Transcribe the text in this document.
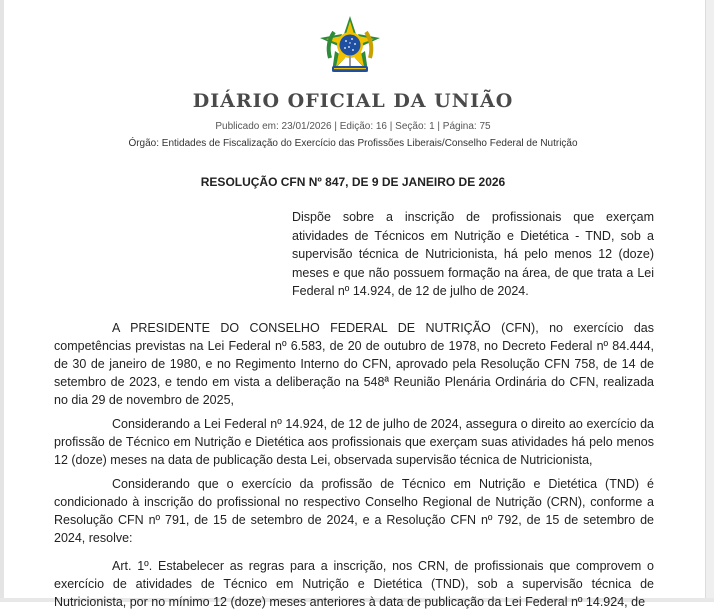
DIÁRIO OFICIAL DA UNIÃO
Publicado em: 23/01/2026 | Edição: 16 | Seção: 1 | Página: 75
Órgão: Entidades de Fiscalização do Exercício das Profissões Liberais/Conselho Federal de Nutrição
RESOLUÇÃO CFN Nº 847, DE 9 DE JANEIRO DE 2026
Dispõe sobre a inscrição de profissionais que exerçam atividades de Técnicos em Nutrição e Dietética - TND, sob a supervisão técnica de Nutricionista, há pelo menos 12 (doze) meses e que não possuem formação na área, de que trata a Lei Federal nº 14.924, de 12 de julho de 2024.

A PRESIDENTE DO CONSELHO FEDERAL DE NUTRIÇÃO (CFN), no exercício das competências previstas na Lei Federal nº 6.583, de 20 de outubro de 1978, no Decreto Federal nº 84.444, de 30 de janeiro de 1980, e no Regimento Interno do CFN, aprovado pela Resolução CFN 758, de 14 de setembro de 2023, e tendo em vista a deliberação na 548ª Reunião Plenária Ordinária do CFN, realizada no dia 29 de novembro de 2025,

Considerando a Lei Federal nº 14.924, de 12 de julho de 2024, assegura o direito ao exercício da profissão de Técnico em Nutrição e Dietética aos profissionais que exerçam suas atividades há pelo menos 12 (doze) meses na data de publicação desta Lei, observada supervisão técnica de Nutricionista,

Considerando que o exercício da profissão de Técnico em Nutrição e Dietética (TND) é condicionado à inscrição do profissional no respectivo Conselho Regional de Nutrição (CRN), conforme a Resolução CFN nº 791, de 15 de setembro de 2024, e a Resolução CFN nº 792, de 15 de setembro de 2024, resolve:

Art. 1º. Estabelecer as regras para a inscrição, nos CRN, de profissionais que comprovem o exercício de atividades de Técnico em Nutrição e Dietética (TND), sob a supervisão técnica de Nutricionista, por no mínimo 12 (doze) meses anteriores à data de publicação da Lei Federal nº 14.924, de
